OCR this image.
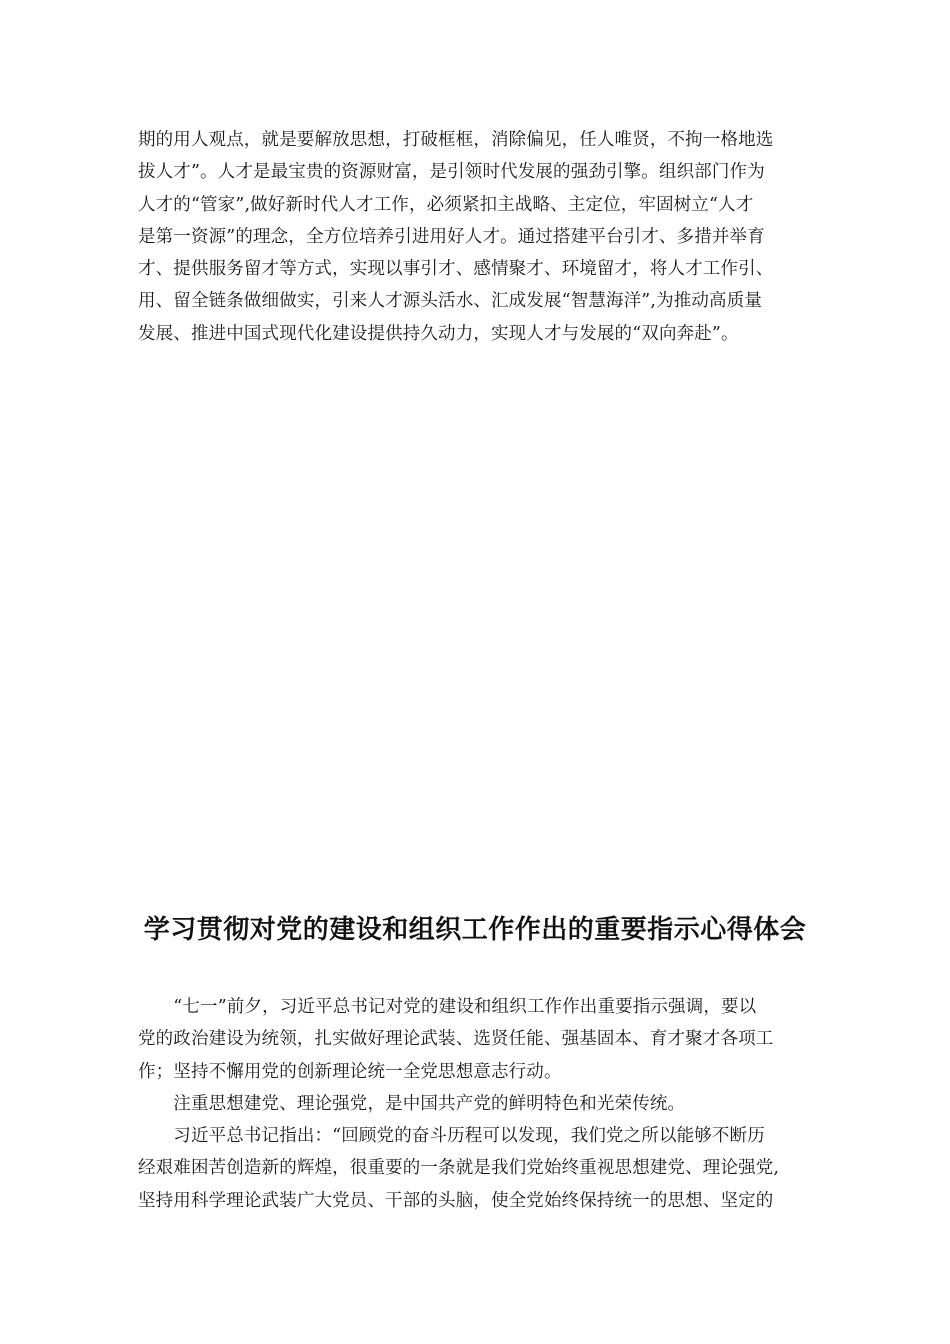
期的用人观点，就是要解放思想，打破框框，消除偏见，任人唯贤，不拘一格地选
拔人才”。人才是最宝贵的资源财富，是引领时代发展的强劲引擎。组织部门作为
人才的“管家”,做好新时代人才工作，必须紧扣主战略、主定位，牢固树立“人才
是第一资源”的理念，全方位培养引进用好人才。通过搭建平台引才、多措并举育
才、提供服务留才等方式，实现以事引才、感情聚才、环境留才，将人才工作引、
用、留全链条做细做实，引来人才源头活水、汇成发展“智慧海洋”,为推动高质量
发展、推进中国式现代化建设提供持久动力，实现人才与发展的“双向奔赴”。
学习贯彻对党的建设和组织工作作出的重要指示心得体会
　　“七一”前夕，习近平总书记对党的建设和组织工作作出重要指示强调，要以
党的政治建设为统领，扎实做好理论武装、选贤任能、强基固本、育才聚才各项工
作；坚持不懈用党的创新理论统一全党思想意志行动。
　　注重思想建党、理论强党，是中国共产党的鲜明特色和光荣传统。
　　习近平总书记指出：“回顾党的奋斗历程可以发现，我们党之所以能够不断历
经艰难困苦创造新的辉煌，很重要的一条就是我们党始终重视思想建党、理论强党,
坚持用科学理论武装广大党员、干部的头脑，使全党始终保持统一的思想、坚定的
